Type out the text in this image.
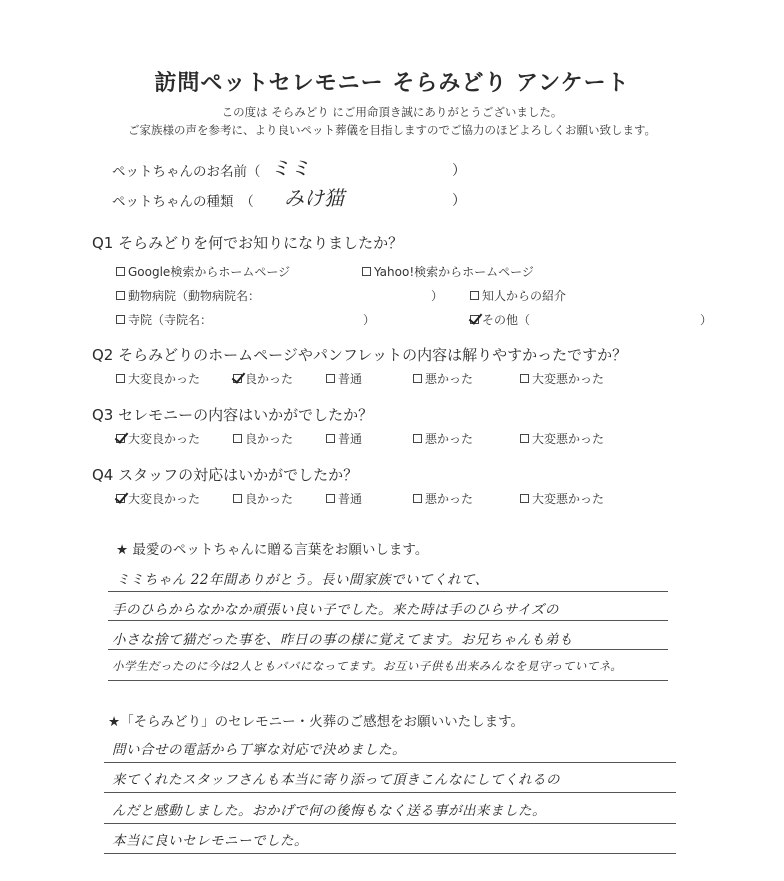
訪問ペットセレモニー そらみどり アンケート
この度は そらみどり にご用命頂き誠にありがとうございました。
ご家族様の声を参考に、より良いペット葬儀を目指しますのでご協力のほどよろしくお願い致します。
ペットちゃんのお名前（ ミミ	）
ペットちゃんの種類　（ みけ猫	）
Q1 そらみどりを何でお知りになりましたか？
Google検索からホームページ	Yahoo!検索からホームページ
動物病院（動物病院名：	）	知人からの紹介
寺院（寺院名：	）	その他（	）
Q2 そらみどりのホームページやパンフレットの内容は解りやすかったですか？
大変良かった	良かった	普通	悪かった	大変悪かった
Q3 セレモニーの内容はいかがでしたか？
大変良かった	良かった	普通	悪かった	大変悪かった
Q4 スタッフの対応はいかがでしたか？
大変良かった	良かった	普通	悪かった	大変悪かった
★ 最愛のペットちゃんに贈る言葉をお願いします。
ミミちゃん 22年間ありがとう。長い間家族でいてくれて、
手のひらからなかなか頑張い良い子でした。来た時は手のひらサイズの
小さな捨て猫だった事を、昨日の事の様に覚えてます。お兄ちゃんも弟も
小学生だったのに今は2人ともパパになってます。お互い子供も出来みんなを見守っていてネ。
★「そらみどり」のセレモニー・火葬のご感想をお願いいたします。
問い合せの電話から丁寧な対応で決めました。
来てくれたスタッフさんも本当に寄り添って頂きこんなにしてくれるの
んだと感動しました。おかげで何の後悔もなく送る事が出来ました。
本当に良いセレモニーでした。
